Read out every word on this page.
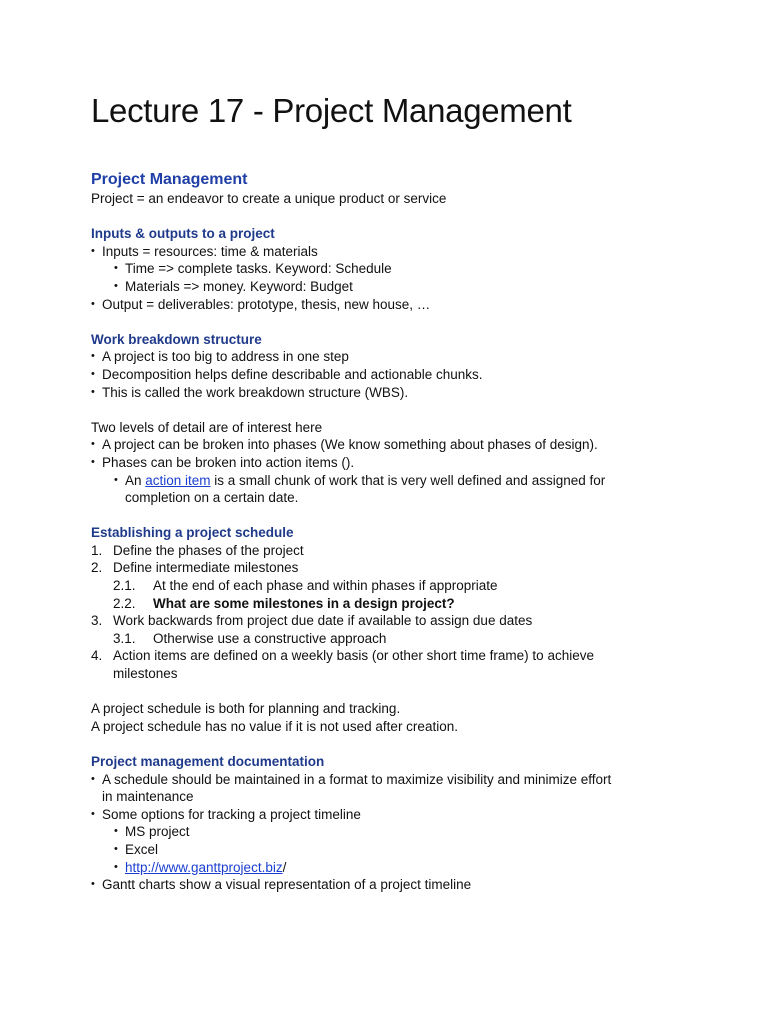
Lecture 17 - Project Management
Project Management
Project = an endeavor to create a unique product or service
Inputs & outputs to a project
• Inputs = resources: time & materials
• Time => complete tasks. Keyword: Schedule
• Materials => money. Keyword: Budget
• Output = deliverables: prototype, thesis, new house, …
Work breakdown structure
• A project is too big to address in one step
• Decomposition helps define describable and actionable chunks.
• This is called the work breakdown structure (WBS).
Two levels of detail are of interest here
• A project can be broken into phases (We know something about phases of design).
• Phases can be broken into action items ().
• An action item is a small chunk of work that is very well defined and assigned for
completion on a certain date.
Establishing a project schedule
1. Define the phases of the project
2. Define intermediate milestones
2.1. At the end of each phase and within phases if appropriate
2.2. What are some milestones in a design project?
3. Work backwards from project due date if available to assign due dates
3.1. Otherwise use a constructive approach
4. Action items are defined on a weekly basis (or other short time frame) to achieve
milestones
A project schedule is both for planning and tracking.
A project schedule has no value if it is not used after creation.
Project management documentation
• A schedule should be maintained in a format to maximize visibility and minimize effort
in maintenance
• Some options for tracking a project timeline
• MS project
• Excel
• http://www.ganttproject.biz/
• Gantt charts show a visual representation of a project timeline
